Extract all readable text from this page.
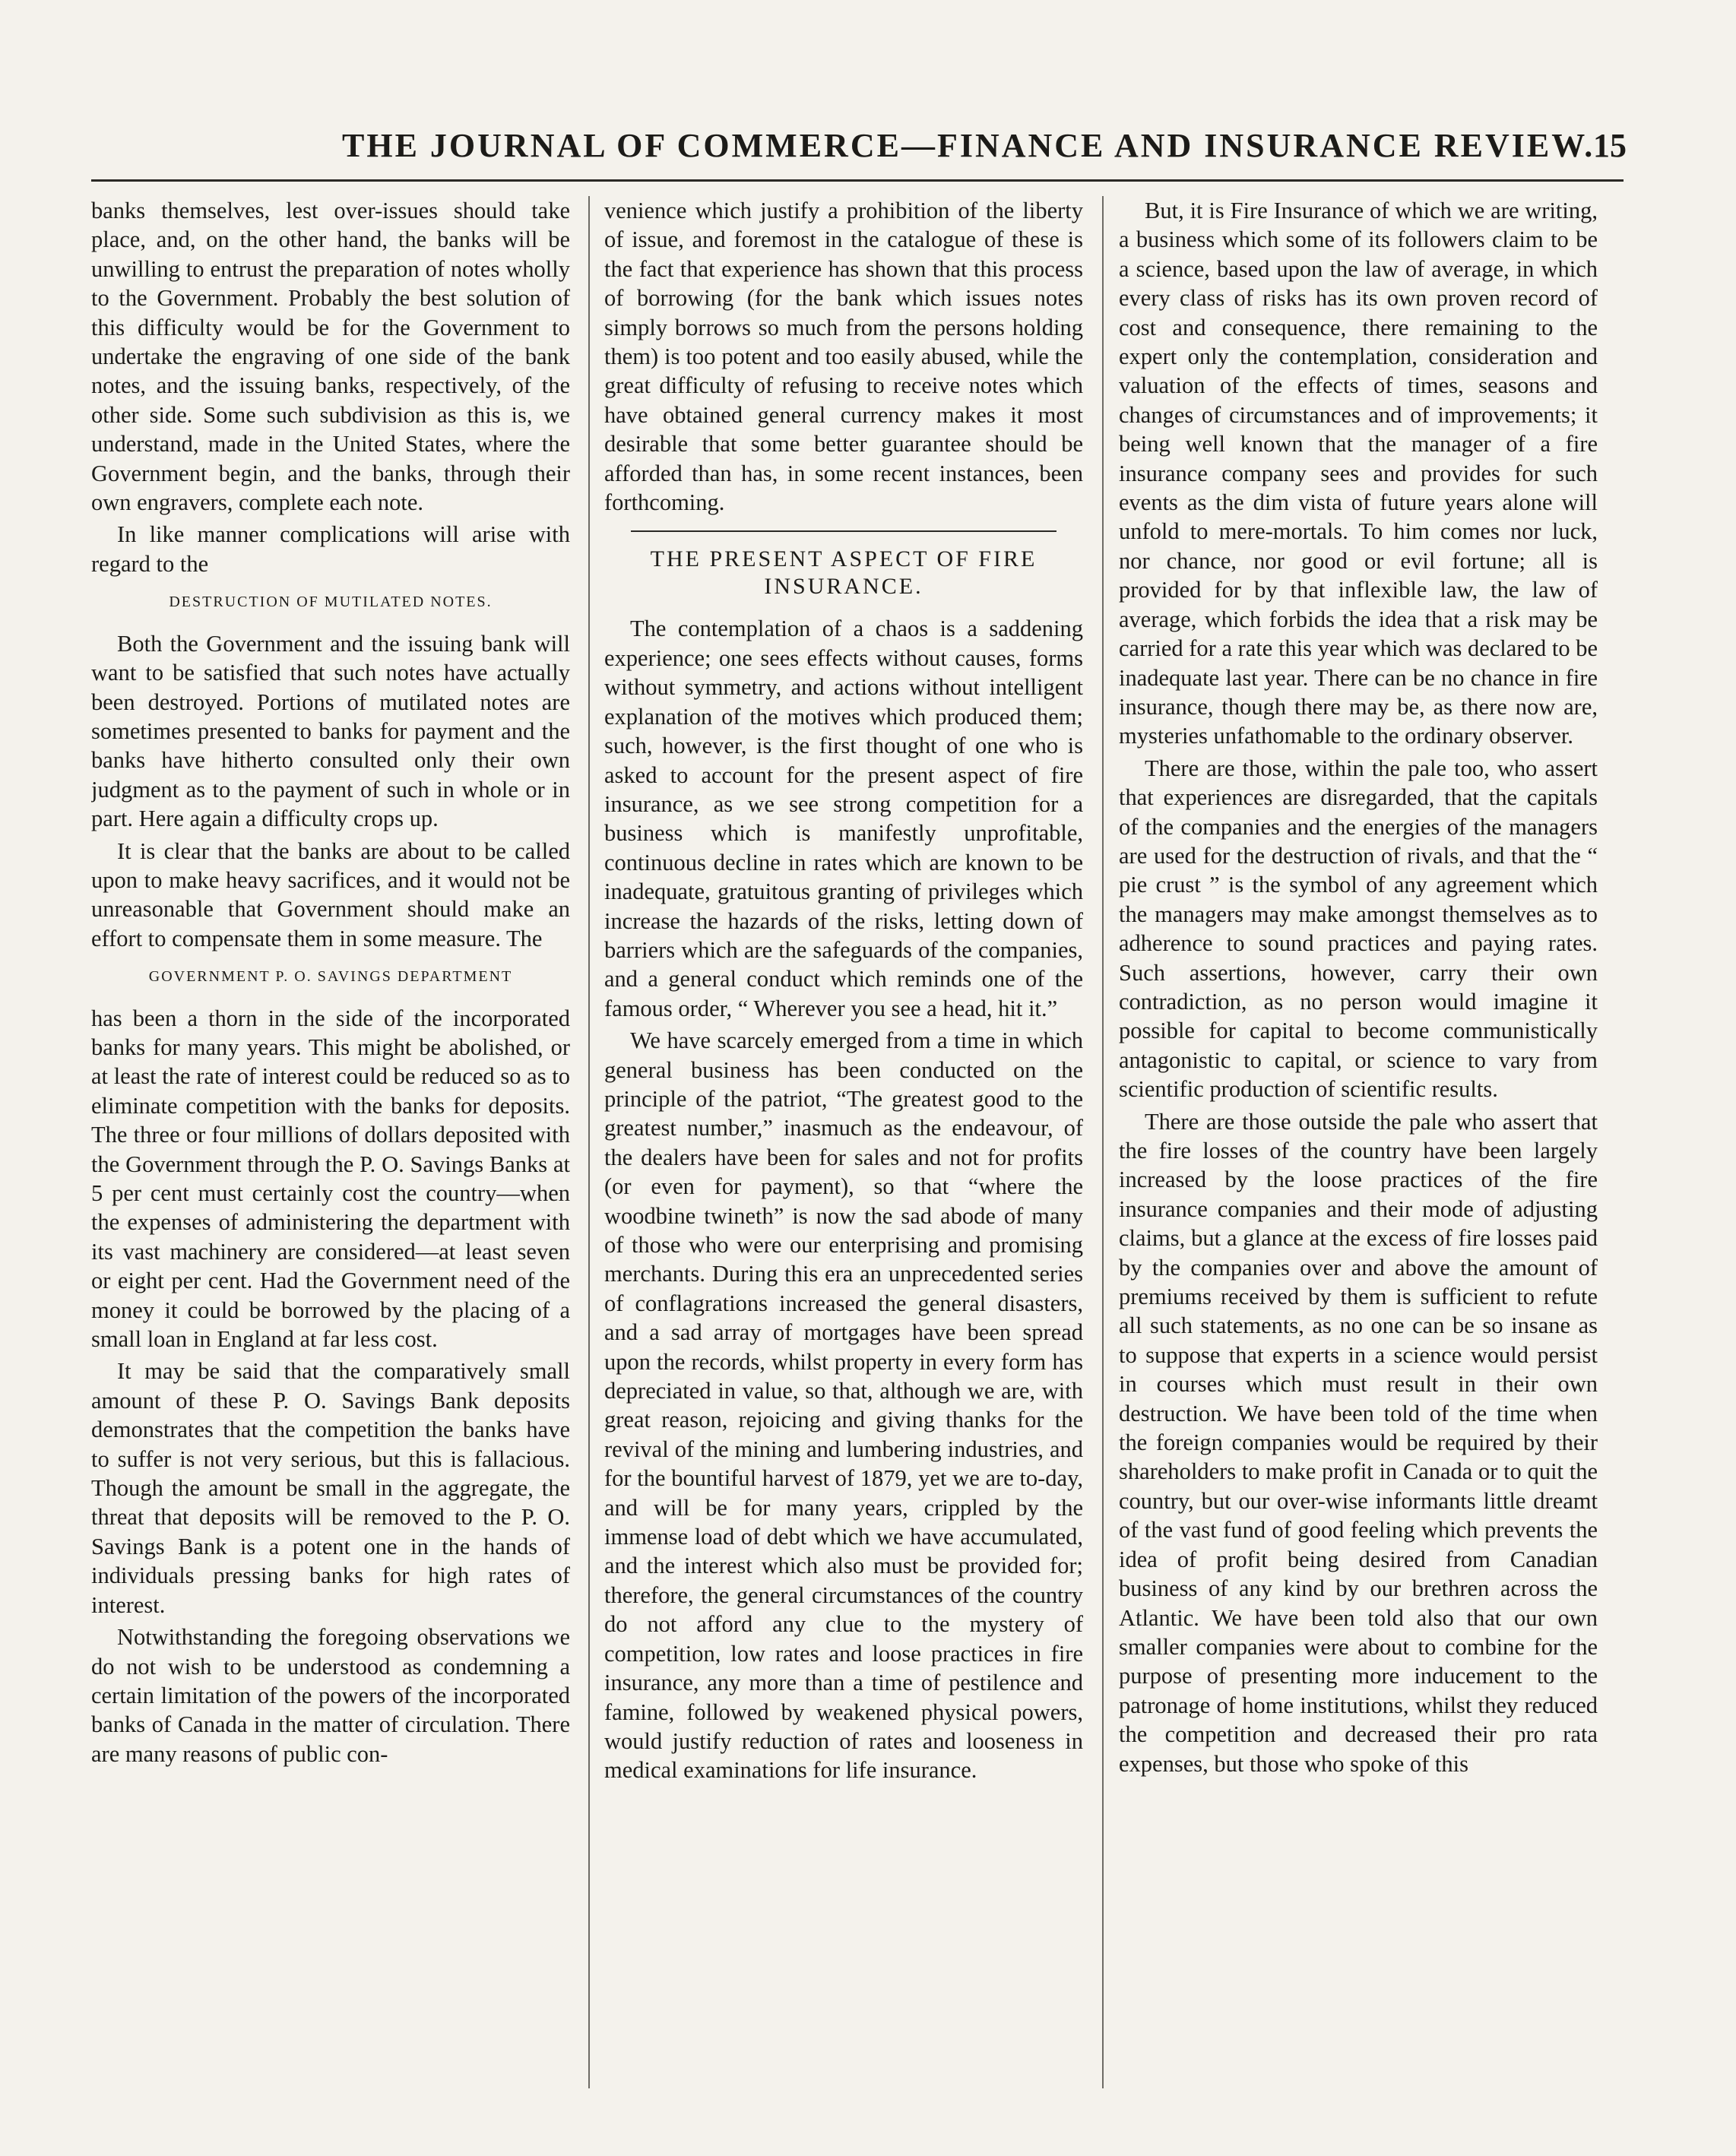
THE JOURNAL OF COMMERCE—FINANCE AND INSURANCE REVIEW.
15

banks themselves, lest over-issues should take place, and, on the other hand, the banks will be unwilling to entrust the preparation of notes wholly to the Government. Probably the best solution of this difficulty would be for the Government to undertake the engraving of one side of the bank notes, and the issuing banks, respectively, of the other side. Some such subdivision as this is, we understand, made in the United States, where the Government begin, and the banks, through their own engravers, complete each note.

In like manner complications will arise with regard to the

DESTRUCTION OF MUTILATED NOTES.

Both the Government and the issuing bank will want to be satisfied that such notes have actually been destroyed. Portions of mutilated notes are sometimes presented to banks for payment and the banks have hitherto consulted only their own judgment as to the payment of such in whole or in part. Here again a difficulty crops up.

It is clear that the banks are about to be called upon to make heavy sacrifices, and it would not be unreasonable that Government should make an effort to compensate them in some measure. The

GOVERNMENT P. O. SAVINGS DEPARTMENT

has been a thorn in the side of the incorporated banks for many years. This might be abolished, or at least the rate of interest could be reduced so as to eliminate competition with the banks for deposits. The three or four millions of dollars deposited with the Government through the P. O. Savings Banks at 5 per cent must certainly cost the country—when the expenses of administering the department with its vast machinery are considered—at least seven or eight per cent. Had the Government need of the money it could be borrowed by the placing of a small loan in England at far less cost.

It may be said that the comparatively small amount of these P. O. Savings Bank deposits demonstrates that the competition the banks have to suffer is not very serious, but this is fallacious. Though the amount be small in the aggregate, the threat that deposits will be removed to the P. O. Savings Bank is a potent one in the hands of individuals pressing banks for high rates of interest.

Notwithstanding the foregoing observations we do not wish to be understood as condemning a certain limitation of the powers of the incorporated banks of Canada in the matter of circulation. There are many reasons of public con-

venience which justify a prohibition of the liberty of issue, and foremost in the catalogue of these is the fact that experience has shown that this process of borrowing (for the bank which issues notes simply borrows so much from the persons holding them) is too potent and too easily abused, while the great difficulty of refusing to receive notes which have obtained general currency makes it most desirable that some better guarantee should be afforded than has, in some recent instances, been forthcoming.

THE PRESENT ASPECT OF FIRE INSURANCE.

The contemplation of a chaos is a saddening experience; one sees effects without causes, forms without symmetry, and actions without intelligent explanation of the motives which produced them; such, however, is the first thought of one who is asked to account for the present aspect of fire insurance, as we see strong competition for a business which is manifestly unprofitable, continuous decline in rates which are known to be inadequate, gratuitous granting of privileges which increase the hazards of the risks, letting down of barriers which are the safeguards of the companies, and a general conduct which reminds one of the famous order, “ Wherever you see a head, hit it.”

We have scarcely emerged from a time in which general business has been conducted on the principle of the patriot, “The greatest good to the greatest number,” inasmuch as the endeavour, of the dealers have been for sales and not for profits (or even for payment), so that “where the woodbine twineth” is now the sad abode of many of those who were our enterprising and promising merchants. During this era an unprecedented series of conflagrations increased the general disasters, and a sad array of mortgages have been spread upon the records, whilst property in every form has depreciated in value, so that, although we are, with great reason, rejoicing and giving thanks for the revival of the mining and lumbering industries, and for the bountiful harvest of 1879, yet we are to-day, and will be for many years, crippled by the immense load of debt which we have accumulated, and the interest which also must be provided for; therefore, the general circumstances of the country do not afford any clue to the mystery of competition, low rates and loose practices in fire insurance, any more than a time of pestilence and famine, followed by weakened physical powers, would justify reduction of rates and looseness in medical examinations for life insurance.

But, it is Fire Insurance of which we are writing, a business which some of its followers claim to be a science, based upon the law of average, in which every class of risks has its own proven record of cost and consequence, there remaining to the expert only the contemplation, consideration and valuation of the effects of times, seasons and changes of circumstances and of improvements; it being well known that the manager of a fire insurance company sees and provides for such events as the dim vista of future years alone will unfold to mere-mortals. To him comes nor luck, nor chance, nor good or evil fortune; all is provided for by that inflexible law, the law of average, which forbids the idea that a risk may be carried for a rate this year which was declared to be inadequate last year. There can be no chance in fire insurance, though there may be, as there now are, mysteries unfathomable to the ordinary observer.

There are those, within the pale too, who assert that experiences are disregarded, that the capitals of the companies and the energies of the managers are used for the destruction of rivals, and that the “ pie crust ” is the symbol of any agreement which the managers may make amongst themselves as to adherence to sound practices and paying rates. Such assertions, however, carry their own contradiction, as no person would imagine it possible for capital to become communistically antagonistic to capital, or science to vary from scientific production of scientific results.

There are those outside the pale who assert that the fire losses of the country have been largely increased by the loose practices of the fire insurance companies and their mode of adjusting claims, but a glance at the excess of fire losses paid by the companies over and above the amount of premiums received by them is sufficient to refute all such statements, as no one can be so insane as to suppose that experts in a science would persist in courses which must result in their own destruction. We have been told of the time when the foreign companies would be required by their shareholders to make profit in Canada or to quit the country, but our over-wise informants little dreamt of the vast fund of good feeling which prevents the idea of profit being desired from Canadian business of any kind by our brethren across the Atlantic. We have been told also that our own smaller companies were about to combine for the purpose of presenting more inducement to the patronage of home institutions, whilst they reduced the competition and decreased their pro rata expenses, but those who spoke of this
